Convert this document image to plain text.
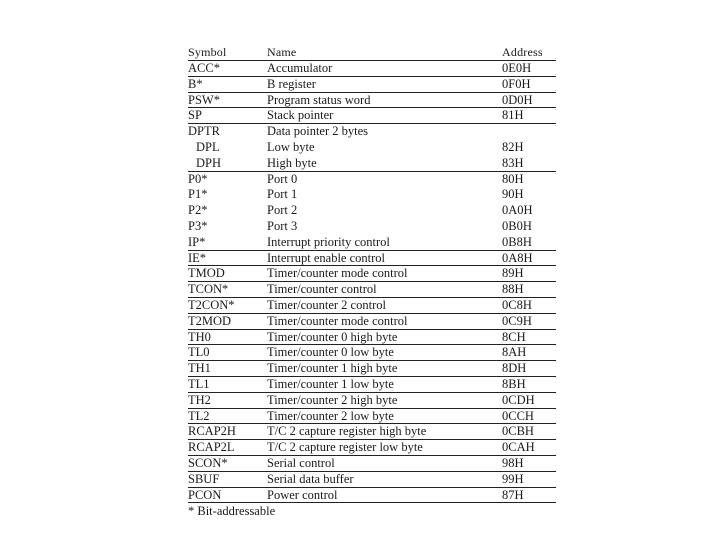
Symbol	Name	Address
ACC*	Accumulator	0E0H
B*	B register	0F0H
PSW*	Program status word	0D0H
SP	Stack pointer	81H
DPTR	Data pointer 2 bytes
DPL	Low byte	82H
DPH	High byte	83H
P0*	Port 0	80H
P1*	Port 1	90H
P2*	Port 2	0A0H
P3*	Port 3	0B0H
IP*	Interrupt priority control	0B8H
IE*	Interrupt enable control	0A8H
TMOD	Timer/counter mode control	89H
TCON*	Timer/counter control	88H
T2CON*	Timer/counter 2 control	0C8H
T2MOD	Timer/counter mode control	0C9H
TH0	Timer/counter 0 high byte	8CH
TL0	Timer/counter 0 low byte	8AH
TH1	Timer/counter 1 high byte	8DH
TL1	Timer/counter 1 low byte	8BH
TH2	Timer/counter 2 high byte	0CDH
TL2	Timer/counter 2 low byte	0CCH
RCAP2H	T/C 2 capture register high byte	0CBH
RCAP2L	T/C 2 capture register low byte	0CAH
SCON*	Serial control	98H
SBUF	Serial data buffer	99H
PCON	Power control	87H
* Bit-addressable
